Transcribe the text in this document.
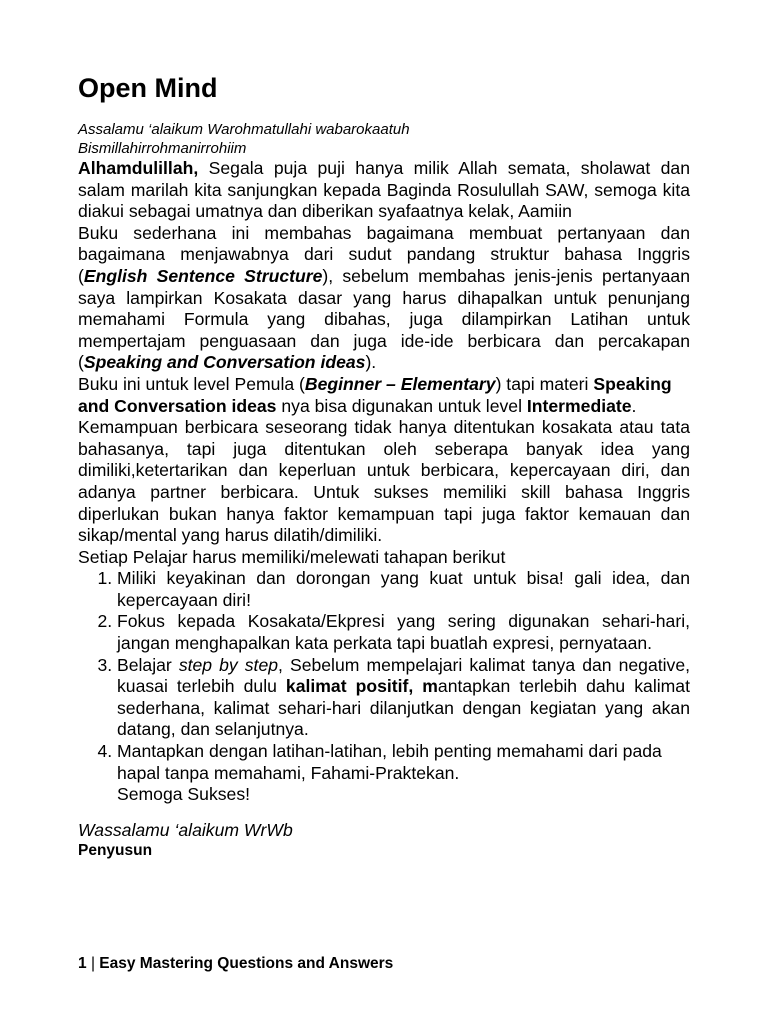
Open Mind
Assalamu ‘alaikum Warohmatullahi wabarokaatuh
Bismillahirrohmanirrohiim

Alhamdulillah, Segala puja puji hanya milik Allah semata, sholawat dan salam marilah kita sanjungkan kepada Baginda Rosulullah SAW, semoga kita diakui sebagai umatnya dan diberikan syafaatnya kelak, Aamiin

Buku sederhana ini membahas bagaimana membuat pertanyaan dan bagaimana menjawabnya dari sudut pandang struktur bahasa Inggris (English Sentence Structure), sebelum membahas jenis-jenis pertanyaan saya lampirkan Kosakata dasar yang harus dihapalkan untuk penunjang memahami Formula yang dibahas, juga dilampirkan Latihan untuk mempertajam penguasaan dan juga ide-ide berbicara dan percakapan (Speaking and Conversation ideas).

Buku ini untuk level Pemula (Beginner – Elementary) tapi materi Speaking and Conversation ideas nya bisa digunakan untuk level Intermediate.

Kemampuan berbicara seseorang tidak hanya ditentukan kosakata atau tata bahasanya, tapi juga ditentukan oleh seberapa banyak idea yang dimiliki,ketertarikan dan keperluan untuk berbicara, kepercayaan diri, dan adanya partner berbicara. Untuk sukses memiliki skill bahasa Inggris diperlukan bukan hanya faktor kemampuan tapi juga faktor kemauan dan sikap/mental yang harus dilatih/dimiliki.

Setiap Pelajar harus memiliki/melewati tahapan berikut

1. Miliki keyakinan dan dorongan yang kuat untuk bisa! gali idea, dan kepercayaan diri!
2. Fokus kepada Kosakata/Ekpresi yang sering digunakan sehari-hari, jangan menghapalkan kata perkata tapi buatlah expresi, pernyataan.
3. Belajar step by step, Sebelum mempelajari kalimat tanya dan negative, kuasai terlebih dulu kalimat positif, mantapkan terlebih dahu kalimat sederhana, kalimat sehari-hari dilanjutkan dengan kegiatan yang akan datang, dan selanjutnya.
4. Mantapkan dengan latihan-latihan, lebih penting memahami dari pada hapal tanpa memahami, Fahami-Praktekan.
Semoga Sukses!
Wassalamu ‘alaikum WrWb
Penyusun
1 | Easy Mastering Questions and Answers
